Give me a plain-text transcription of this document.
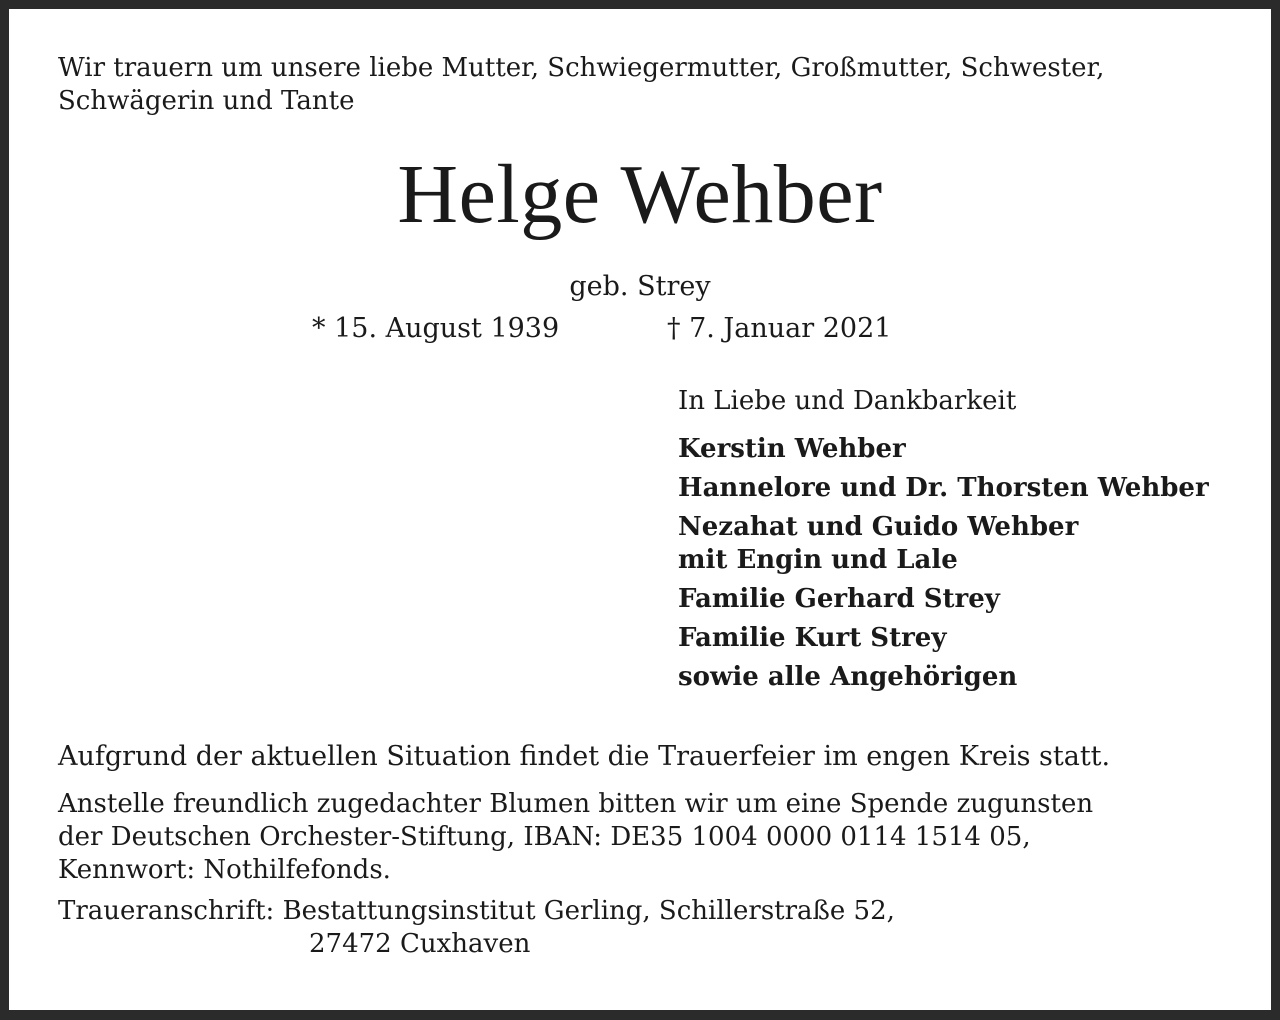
Wir trauern um unsere liebe Mutter, Schwiegermutter, Großmutter, Schwester,
Schwägerin und Tante
Helge Wehber
geb. Strey
* 15. August 1939	† 7. Januar 2021
In Liebe und Dankbarkeit
Kerstin Wehber
Hannelore und Dr. Thorsten Wehber
Nezahat und Guido Wehber
mit Engin und Lale
Familie Gerhard Strey
Familie Kurt Strey
sowie alle Angehörigen
Aufgrund der aktuellen Situation findet die Trauerfeier im engen Kreis statt.
Anstelle freundlich zugedachter Blumen bitten wir um eine Spende zugunsten
der Deutschen Orchester-Stiftung, IBAN: DE35 1004 0000 0114 1514 05,
Kennwort: Nothilfefonds.
Traueranschrift: Bestattungsinstitut Gerling, Schillerstraße 52,
27472 Cuxhaven
